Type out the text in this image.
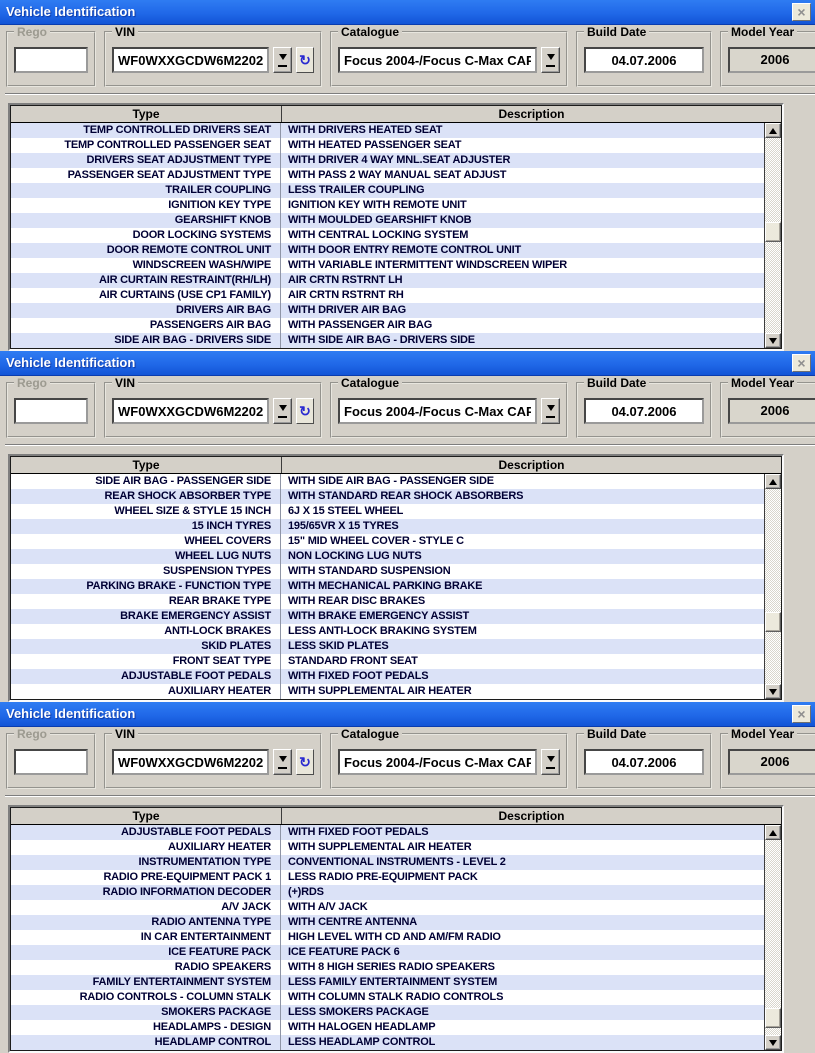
Vehicle Identification	×
Rego	VIN
WF0WXXGCDW6M22023
↻
Catalogue
Focus 2004-/Focus C-Max CAP (GC	Build Date
04.07.2006	Model Year
2006
Type	Description
TEMP CONTROLLED DRIVERS SEAT	WITH DRIVERS HEATED SEAT
TEMP CONTROLLED PASSENGER SEAT	WITH HEATED PASSENGER SEAT
DRIVERS SEAT ADJUSTMENT TYPE	WITH DRIVER 4 WAY MNL.SEAT ADJUSTER
PASSENGER SEAT ADJUSTMENT TYPE	WITH PASS 2 WAY MANUAL SEAT ADJUST
TRAILER COUPLING	LESS TRAILER COUPLING
IGNITION KEY TYPE	IGNITION KEY WITH REMOTE UNIT
GEARSHIFT KNOB	WITH MOULDED GEARSHIFT KNOB
DOOR LOCKING SYSTEMS	WITH CENTRAL LOCKING SYSTEM
DOOR REMOTE CONTROL UNIT	WITH DOOR ENTRY REMOTE CONTROL UNIT
WINDSCREEN WASH/WIPE	WITH VARIABLE INTERMITTENT WINDSCREEN WIPER
AIR CURTAIN RESTRAINT(RH/LH)	AIR CRTN RSTRNT LH
AIR CURTAINS (USE CP1 FAMILY)	AIR CRTN RSTRNT RH
DRIVERS AIR BAG	WITH DRIVER AIR BAG
PASSENGERS AIR BAG	WITH PASSENGER AIR BAG
SIDE AIR BAG - DRIVERS SIDE	WITH SIDE AIR BAG - DRIVERS SIDE
Vehicle Identification	×
Rego	VIN
WF0WXXGCDW6M22023
↻
Catalogue
Focus 2004-/Focus C-Max CAP (GC	Build Date
04.07.2006	Model Year
2006
Type	Description
SIDE AIR BAG - PASSENGER SIDE	WITH SIDE AIR BAG - PASSENGER SIDE
REAR SHOCK ABSORBER TYPE	WITH STANDARD REAR SHOCK ABSORBERS
WHEEL SIZE & STYLE 15 INCH	6J X 15 STEEL WHEEL
15 INCH TYRES	195/65VR X 15 TYRES
WHEEL COVERS	15" MID WHEEL COVER - STYLE C
WHEEL LUG NUTS	NON LOCKING LUG NUTS
SUSPENSION TYPES	WITH STANDARD SUSPENSION
PARKING BRAKE - FUNCTION TYPE	WITH MECHANICAL PARKING BRAKE
REAR BRAKE TYPE	WITH REAR DISC BRAKES
BRAKE EMERGENCY ASSIST	WITH BRAKE EMERGENCY ASSIST
ANTI-LOCK BRAKES	LESS ANTI-LOCK BRAKING SYSTEM
SKID PLATES	LESS SKID PLATES
FRONT SEAT TYPE	STANDARD FRONT SEAT
ADJUSTABLE FOOT PEDALS	WITH FIXED FOOT PEDALS
AUXILIARY HEATER	WITH SUPPLEMENTAL AIR HEATER
Vehicle Identification	×
Rego	VIN
WF0WXXGCDW6M22023
↻
Catalogue
Focus 2004-/Focus C-Max CAP (GC	Build Date
04.07.2006	Model Year
2006
Type	Description
ADJUSTABLE FOOT PEDALS	WITH FIXED FOOT PEDALS
AUXILIARY HEATER	WITH SUPPLEMENTAL AIR HEATER
INSTRUMENTATION TYPE	CONVENTIONAL INSTRUMENTS - LEVEL 2
RADIO PRE-EQUIPMENT PACK 1	LESS RADIO PRE-EQUIPMENT PACK
RADIO INFORMATION DECODER	(+)RDS
A/V JACK	WITH A/V JACK
RADIO ANTENNA TYPE	WITH CENTRE ANTENNA
IN CAR ENTERTAINMENT	HIGH LEVEL WITH CD AND AM/FM RADIO
ICE FEATURE PACK	ICE FEATURE PACK 6
RADIO SPEAKERS	WITH 8 HIGH SERIES RADIO SPEAKERS
FAMILY ENTERTAINMENT SYSTEM	LESS FAMILY ENTERTAINMENT SYSTEM
RADIO CONTROLS - COLUMN STALK	WITH COLUMN STALK RADIO CONTROLS
SMOKERS PACKAGE	LESS SMOKERS PACKAGE
HEADLAMPS - DESIGN	WITH HALOGEN HEADLAMP
HEADLAMP CONTROL	LESS HEADLAMP CONTROL
